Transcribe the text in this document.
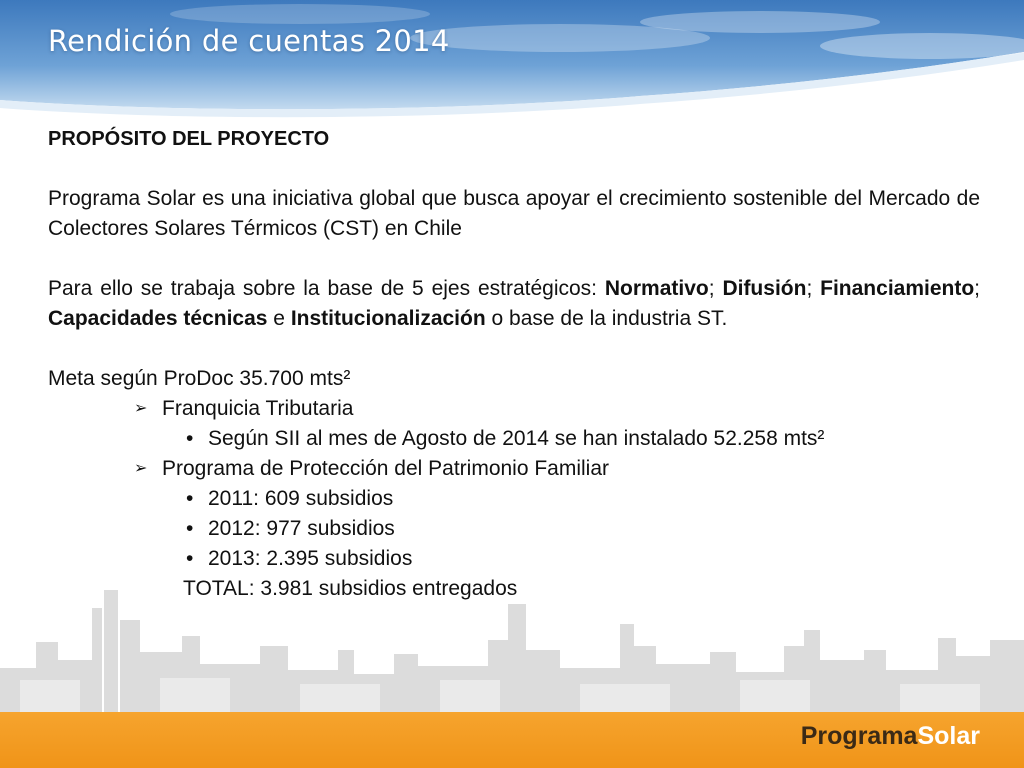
Rendición de cuentas 2014
PROPÓSITO DEL PROYECTO

Programa Solar es una iniciativa global que busca apoyar el crecimiento sostenible del Mercado de Colectores Solares Térmicos (CST) en Chile

Para ello se trabaja sobre la base de 5 ejes estratégicos: Normativo; Difusión; Financiamiento; Capacidades técnicas e Institucionalización o base de la industria ST.

Meta según ProDoc 35.700 mts²

➢ Franquicia Tributaria
• Según SII al mes de Agosto de 2014 se han instalado 52.258 mts²
➢ Programa de Protección del Patrimonio Familiar
• 2011: 609 subsidios
• 2012: 977 subsidios
• 2013: 2.395 subsidios

TOTAL: 3.981 subsidios entregados

ProgramaSolar
